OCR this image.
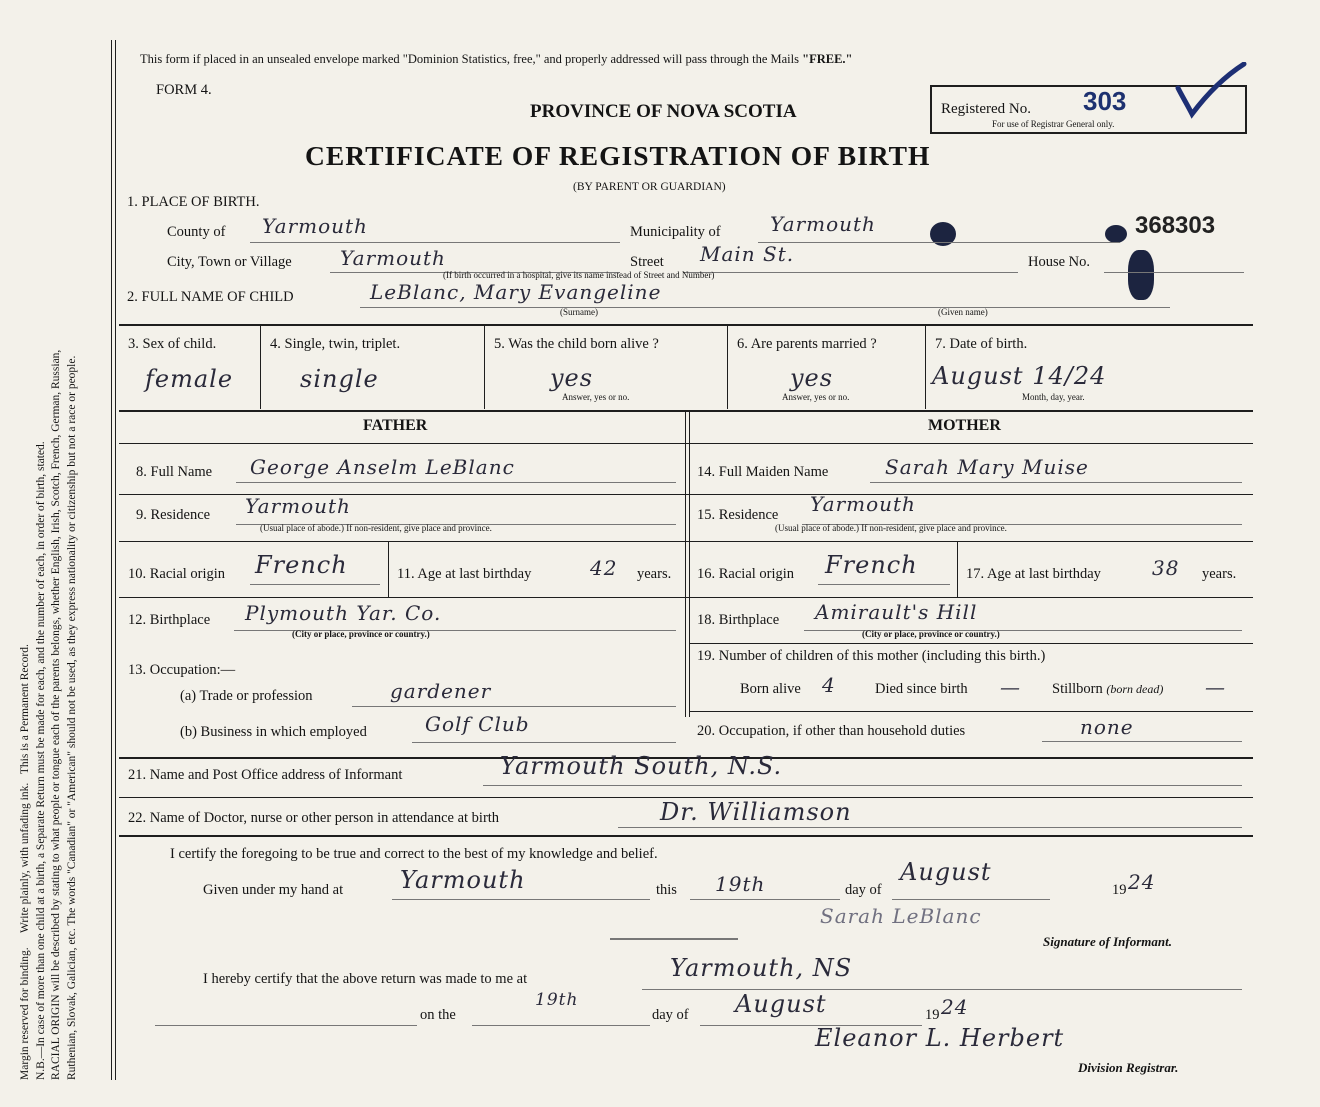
Margin reserved for binding.     Write plainly, with unfading ink.   This is a Permanent Record. N.B.—In case of more than one child at a birth, a Separate Return must be made for each, and the number of each, in order of birth, stated. RACIAL ORIGIN will be described by stating to what people or tongue each of the parents belongs, whether English, Irish, Scotch, French, German, Russian, Ruthenian, Slovak, Galician, etc. The words "Canadian" or "American" should not be used, as they express nationality or citizenship but not a race or people.
This form if placed in an unsealed envelope marked "Dominion Statistics, free," and properly addressed will pass through the Mails "FREE."
FORM 4.
PROVINCE OF NOVA SCOTIA	Registered No. 303
For use of Registrar General only.
CERTIFICATE OF REGISTRATION OF BIRTH
(BY PARENT OR GUARDIAN)
368303
1. PLACE OF BIRTH.
County of Yarmouth	Municipality of Yarmouth
City, Town or Village Yarmouth	Street Main St.
(If birth occurred in a hospital, give its name instead of Street and Number)
House No.
2. FULL NAME OF CHILD	LeBlanc, Mary Evangeline
(Surname)	(Given name)
3. Sex of child.
female
4. Single, twin, triplet.
single
5. Was the child born alive ?
yes
Answer, yes or no.
6. Are parents married ?
yes
Answer, yes or no.
7. Date of birth.
August 14/24
Month, day, year.
FATHER	MOTHER
8. Full Name George Anselm LeBlanc
9. Residence Yarmouth
(Usual place of abode.) If non-resident, give place and province.
10. Racial origin French	11. Age at last birthday	42 years.
12. Birthplace Plymouth Yar. Co.
(City or place, province or country.)
13. Occupation:—
(a) Trade or profession	gardener
(b) Business in which employed	Golf Club
14. Full Maiden Name	Sarah Mary Muise
15. Residence Yarmouth
(Usual place of abode.) If non-resident, give place and province.
16. Racial origin French	17. Age at last birthday	38 years.
18. Birthplace Amirault's Hill
(City or place, province or country.)
19. Number of children of this mother (including this birth.)
Born alive 4	Died since birth — Stillborn (born dead) —
20. Occupation, if other than household duties	none
21. Name and Post Office address of Informant	Yarmouth South, N.S.
22. Name of Doctor, nurse or other person in attendance at birth	Dr. Williamson
I certify the foregoing to be true and correct to the best of my knowledge and belief.
Given under my hand at Yarmouth	this 19th	day of
August
19 24
Sarah LeBlanc
Signature of Informant.
I hereby certify that the above return was made to me at	Yarmouth, NS
on the
19th
day of August	19 24
Eleanor L. Herbert
Division Registrar.
